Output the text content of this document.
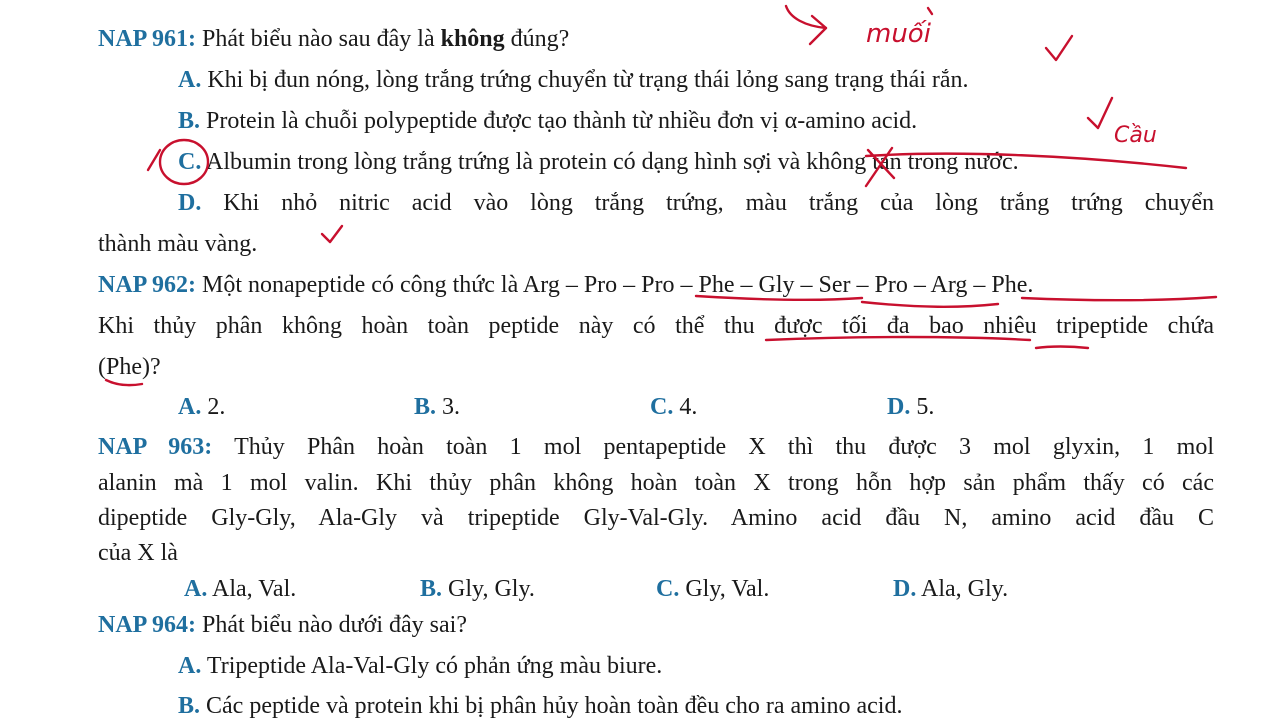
NAP 961: Phát biểu nào sau đây là không đúng?
A. Khi bị đun nóng, lòng trắng trứng chuyển từ trạng thái lỏng sang trạng thái rắn.
B. Protein là chuỗi polypeptide được tạo thành từ nhiều đơn vị α-amino acid.
C. Albumin trong lòng trắng trứng là protein có dạng hình sợi và không tan trong nước.
D. Khi nhỏ nitric acid vào lòng trắng trứng, màu trắng của lòng trắng trứng chuyển
thành màu vàng.
NAP 962: Một nonapeptide có công thức là Arg – Pro – Pro – Phe – Gly – Ser – Pro – Arg – Phe.
Khi thủy phân không hoàn toàn peptide này có thể thu được tối đa bao nhiêu tripeptide chứa
(Phe)?
A. 2.	B. 3.	C. 4.	D. 5.
NAP 963: Thủy Phân hoàn toàn 1 mol pentapeptide X thì thu được 3 mol glyxin, 1 mol
alanin mà 1 mol valin. Khi thủy phân không hoàn toàn X trong hỗn hợp sản phẩm thấy có các
dipeptide Gly-Gly, Ala-Gly và tripeptide Gly-Val-Gly. Amino acid đầu N, amino acid đầu C
của X là
A. Ala, Val.	B. Gly, Gly.	C. Gly, Val.	D. Ala, Gly.
NAP 964: Phát biểu nào dưới đây sai?
A. Tripeptide Ala-Val-Gly có phản ứng màu biure.
B. Các peptide và protein khi bị phân hủy hoàn toàn đều cho ra amino acid.
muối
Cầu
